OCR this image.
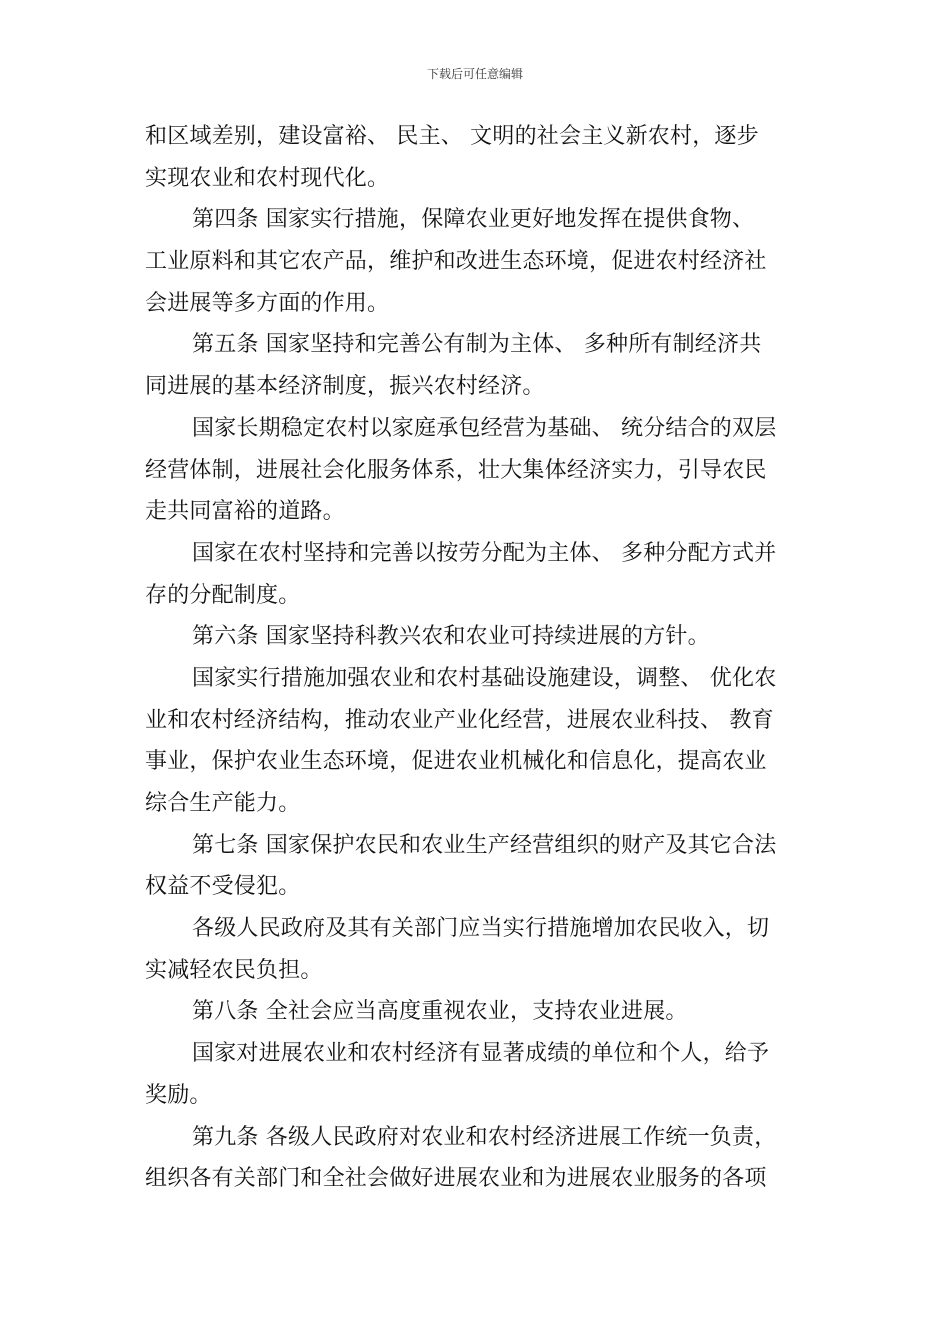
下载后可任意编辑
和区域差别，建设富裕、 民主、 文明的社会主义新农村，逐步
实现农业和农村现代化。
第四条 国家实行措施，保障农业更好地发挥在提供食物、
工业原料和其它农产品，维护和改进生态环境，促进农村经济社
会进展等多方面的作用。
第五条 国家坚持和完善公有制为主体、 多种所有制经济共
同进展的基本经济制度，振兴农村经济。
国家长期稳定农村以家庭承包经营为基础、 统分结合的双层
经营体制，进展社会化服务体系，壮大集体经济实力，引导农民
走共同富裕的道路。
国家在农村坚持和完善以按劳分配为主体、 多种分配方式并
存的分配制度。
第六条 国家坚持科教兴农和农业可持续进展的方针。
国家实行措施加强农业和农村基础设施建设，调整、 优化农
业和农村经济结构，推动农业产业化经营，进展农业科技、 教育
事业，保护农业生态环境，促进农业机械化和信息化，提高农业
综合生产能力。
第七条 国家保护农民和农业生产经营组织的财产及其它合法
权益不受侵犯。
各级人民政府及其有关部门应当实行措施增加农民收入，切
实减轻农民负担。
第八条 全社会应当高度重视农业，支持农业进展。
国家对进展农业和农村经济有显著成绩的单位和个人，给予
奖励。
第九条 各级人民政府对农业和农村经济进展工作统一负责，
组织各有关部门和全社会做好进展农业和为进展农业服务的各项
